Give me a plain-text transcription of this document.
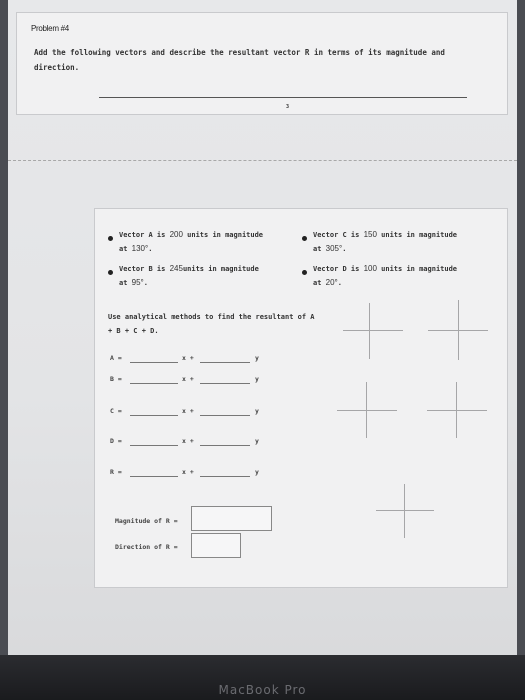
Problem #4
Add the following vectors and describe the resultant vector R in terms of its magnitude and direction.
3
Vector A is 200 units in magnitude
at 130°.
Vector B is 245units in magnitude
at 95°.
Vector C is 150 units in magnitude
at 305°.
Vector D is 100 units in magnitude
at 20°.
Use analytical methods to find the resultant of A
+ B + C + D.
A =	x +	y
B =	x +	y
C =	x +	y
D =	x +	y
R =	x +	y
Magnitude of R =
Direction of R =
MacBook Pro
